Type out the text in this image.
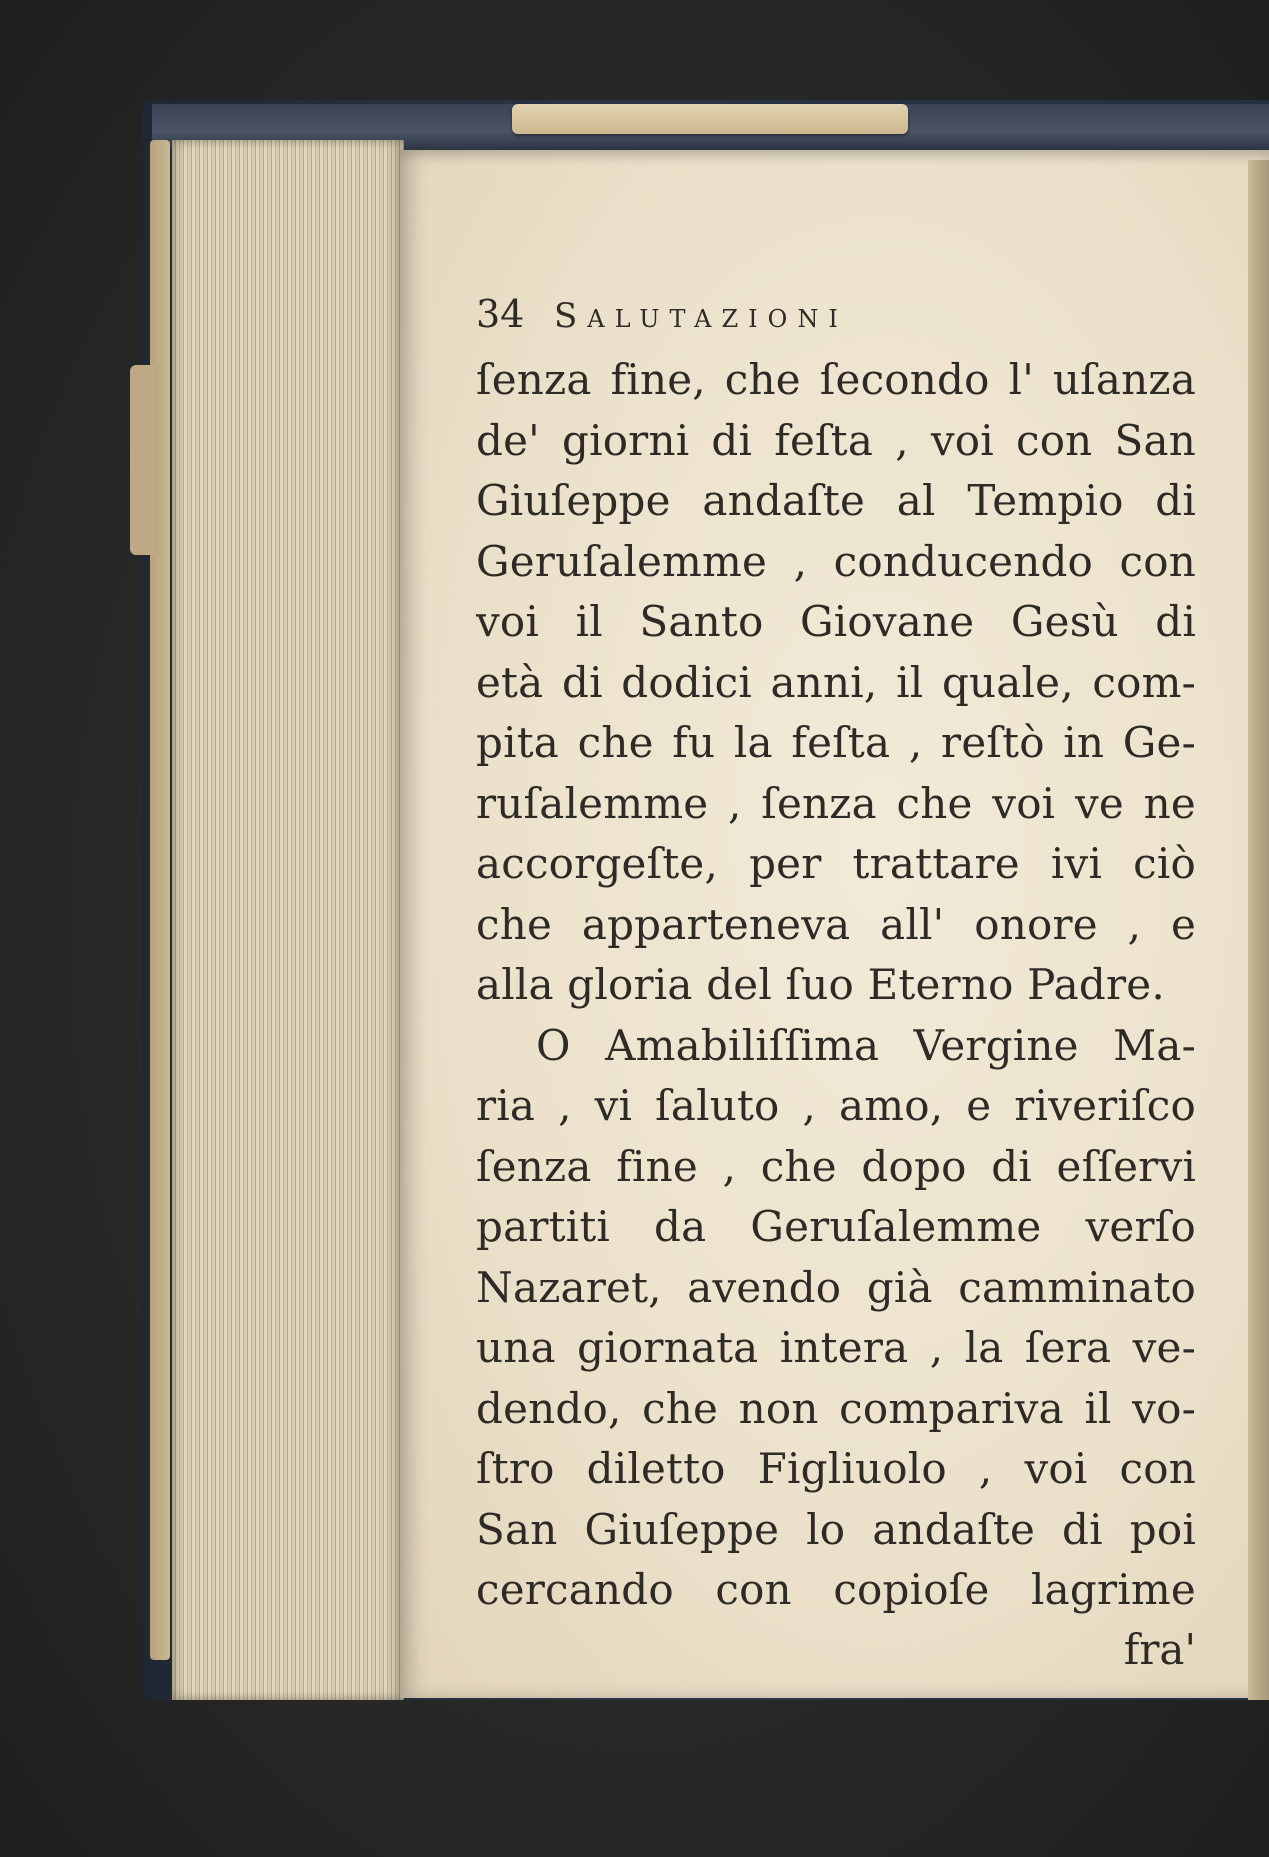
34 Salutazioni
ſenza fine, che ſecondo l' uſanza
de' giorni di feſta , voi con San
Giuſeppe andaſte al Tempio di
Geruſalemme , conducendo con
voi il Santo Giovane Gesù di
età di dodici anni, il quale, com-
pita che fu la feſta , reſtò in Ge-
ruſalemme , ſenza che voi ve ne
accorgeſte, per trattare ivi ciò
che apparteneva all' onore , e
alla gloria del ſuo Eterno Padre.
O Amabiliſſima Vergine Ma-
ria , vi ſaluto , amo, e riveriſco
ſenza fine , che dopo di eſſervi
partiti da Geruſalemme verſo
Nazaret, avendo già camminato
una giornata intera , la ſera ve-
dendo, che non compariva il vo-
ſtro diletto Figliuolo , voi con
San Giuſeppe lo andaſte di poi
cercando con copioſe lagrime
fra'
